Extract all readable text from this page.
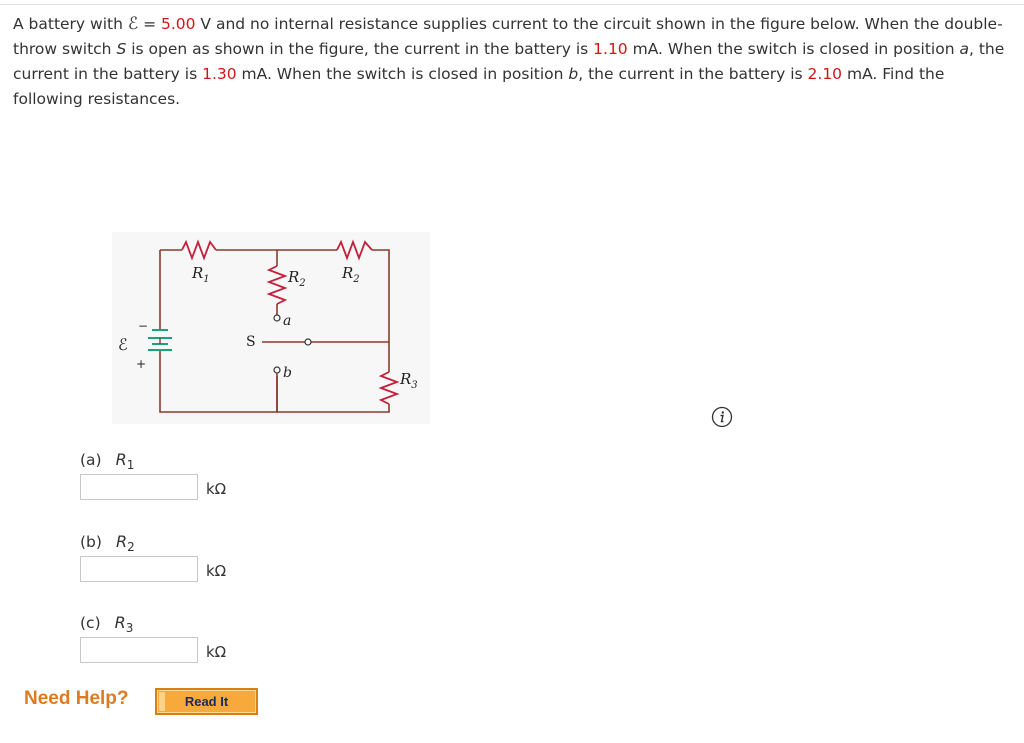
A battery with ℰ = 5.00 V and no internal resistance supplies current to the circuit shown in the figure below. When the double-throw switch S is open as shown in the figure, the current in the battery is 1.10 mA. When the switch is closed in position a, the current in the battery is 1.30 mA. When the switch is closed in position b, the current in the battery is 2.10 mA. Find the following resistances.
ℰ
−
+
$R_1$	$R_2$
$R_2$
$R_3$
S
a
b
(a) $R_1$
kΩ
(b) $R_2$
kΩ
(c) $R_3$
kΩ
Need Help?	Read It
